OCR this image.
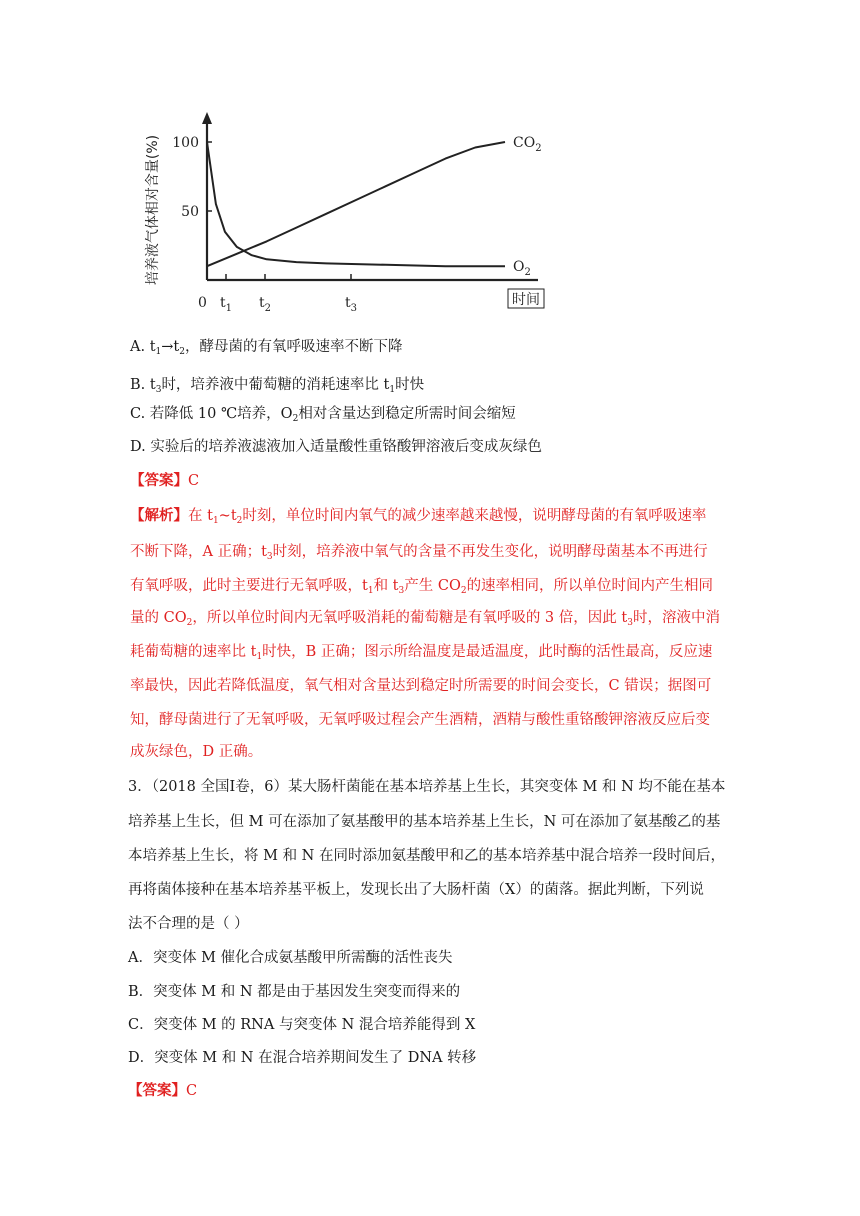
100
50
0 $t_1$ $t_2$	$t_3$
时间
培养液气体相对含量(%)	$CO_2$
$O_2$
A. $t_1\to t_2$，酵母菌的有氧呼吸速率不断下降
B. $t_3$时，培养液中葡萄糖的消耗速率比 $t_1$时快
C. 若降低 10 ℃培养，$O_2$相对含量达到稳定所需时间会缩短
D. 实验后的培养液滤液加入适量酸性重铬酸钾溶液后变成灰绿色
【答案】C
【解析】在 $t_1\sim t_2$时刻，单位时间内氧气的减少速率越来越慢，说明酵母菌的有氧呼吸速率
不断下降，A 正确；$t_3$时刻，培养液中氧气的含量不再发生变化，说明酵母菌基本不再进行
有氧呼吸，此时主要进行无氧呼吸，$t_1$和 $t_3$产生 $CO_2$的速率相同，所以单位时间内产生相同
量的 $CO_2$，所以单位时间内无氧呼吸消耗的葡萄糖是有氧呼吸的 3 倍，因此 $t_3$时，溶液中消
耗葡萄糖的速率比 $t_1$时快，B 正确；图示所给温度是最适温度，此时酶的活性最高，反应速
率最快，因此若降低温度，氧气相对含量达到稳定时所需要的时间会变长，C 错误；据图可
知，酵母菌进行了无氧呼吸，无氧呼吸过程会产生酒精，酒精与酸性重铬酸钾溶液反应后变
成灰绿色，D 正确。
3．（2018 全国Ⅰ卷，6）某大肠杆菌能在基本培养基上生长，其突变体 M 和 N 均不能在基本
培养基上生长，但 M 可在添加了氨基酸甲的基本培养基上生长，N 可在添加了氨基酸乙的基
本培养基上生长，将 M 和 N 在同时添加氨基酸甲和乙的基本培养基中混合培养一段时间后，
再将菌体接种在基本培养基平板上，发现长出了大肠杆菌（X）的菌落。据此判断，下列说
法不合理的是（ ）
A．突变体 M 催化合成氨基酸甲所需酶的活性丧失
B．突变体 M 和 N 都是由于基因发生突变而得来的
C．突变体 M 的 RNA 与突变体 N 混合培养能得到 X
D．突变体 M 和 N 在混合培养期间发生了 DNA 转移
【答案】C
